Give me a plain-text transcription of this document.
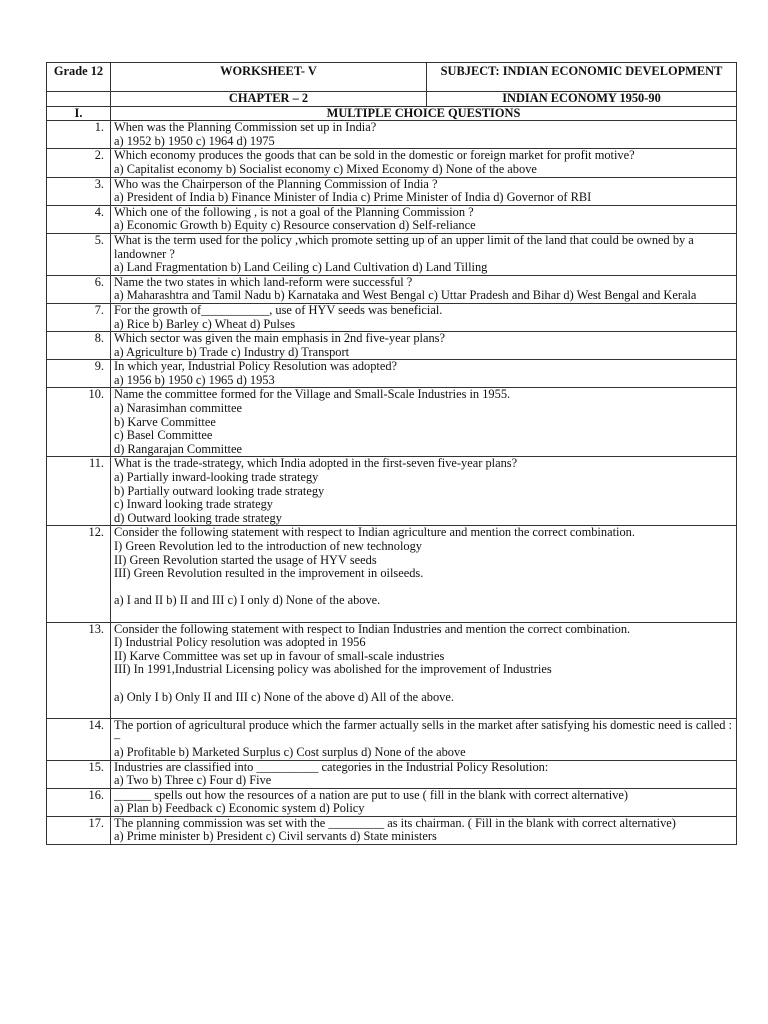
Grade 12	WORKSHEET- V	SUBJECT: INDIAN ECONOMIC DEVELOPMENT
	CHAPTER – 2	INDIAN ECONOMY 1950-90
I.	MULTIPLE CHOICE QUESTIONS	
1.	When was the Planning Commission set up in India?
a) 1952 b) 1950 c) 1964 d) 1975	

2.	Which economy produces the goods that can be sold in the domestic or foreign market for profit motive?
a) Capitalist economy b) Socialist economy c) Mixed Economy d) None of the above	

3.	Who was the Chairperson of the Planning Commission of India ?
a) President of India b) Finance Minister of India c) Prime Minister of India d) Governor of RBI	

4.	Which one of the following , is not a goal of the Planning Commission ?
a) Economic Growth b) Equity c) Resource conservation d) Self-reliance	

5.	What is the term used for the policy ,which promote setting up of an upper limit of the land that could be owned by a landowner ?
a) Land Fragmentation b) Land Ceiling c) Land Cultivation d) Land Tilling	

6.	Name the two states in which land-reform were successful ?
a) Maharashtra and Tamil Nadu b) Karnataka and West Bengal c) Uttar Pradesh and Bihar d) West Bengal and Kerala	

7.	For the growth of___________, use of HYV seeds was beneficial.
a) Rice b) Barley c) Wheat d) Pulses	

8.	Which sector was given the main emphasis in 2nd five-year plans?
a) Agriculture b) Trade c) Industry d) Transport	

9.	In which year, Industrial Policy Resolution was adopted?
a) 1956 b) 1950 c) 1965 d) 1953	

10.	Name the committee formed for the Village and Small-Scale Industries in 1955.
a) Narasimhan committee
b) Karve Committee
c) Basel Committee
d) Rangarajan Committee	

11.	What is the trade-strategy, which India adopted in the first-seven five-year plans?
a) Partially inward-looking trade strategy
b) Partially outward looking trade strategy
c) Inward looking trade strategy
d) Outward looking trade strategy	

12.	Consider the following statement with respect to Indian agriculture and mention the correct combination.
I) Green Revolution led to the introduction of new technology
II) Green Revolution started the usage of HYV seeds
III) Green Revolution resulted in the improvement in oilseeds.
a) I and II b) II and III c) I only d) None of the above.	

13.	Consider the following statement with respect to Indian Industries and mention the correct combination.
I) Industrial Policy resolution was adopted in 1956
II) Karve Committee was set up in favour of small-scale industries
III) In 1991,Industrial Licensing policy was abolished for the improvement of Industries
a) Only I b) Only II and III c) None of the above d) All of the above.	

14.	The portion of agricultural produce which the farmer actually sells in the market after satisfying his domestic need is called : –
a) Profitable b) Marketed Surplus c) Cost surplus d) None of the above	

15.	Industries are classified into __________ categories in the Industrial Policy Resolution:
a) Two b) Three c) Four d) Five	

16.	______ spells out how the resources of a nation are put to use ( fill in the blank with correct alternative)
a) Plan b) Feedback c) Economic system d) Policy	

17.	The planning commission was set with the _________ as its chairman. ( Fill in the blank with correct alternative)
a) Prime minister b) President c) Civil servants d) State ministers	
